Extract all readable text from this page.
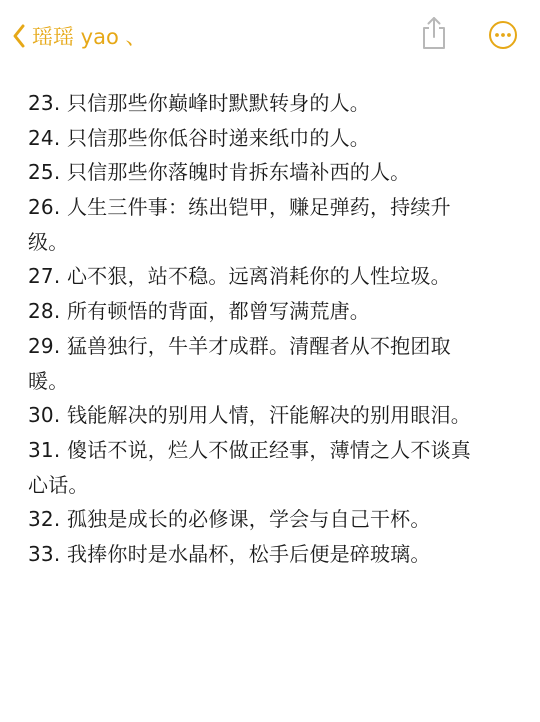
瑶瑶 yao 、
23. 只信那些你巅峰时默默转身的人。
24. 只信那些你低谷时递来纸巾的人。
25. 只信那些你落魄时肯拆东墙补西的人。
26. 人生三件事：练出铠甲，赚足弹药，持续升
级。
27. 心不狠，站不稳。远离消耗你的人性垃圾。
28. 所有顿悟的背面，都曾写满荒唐。
29. 猛兽独行，牛羊才成群。清醒者从不抱团取
暖。
30. 钱能解决的别用人情，汗能解决的别用眼泪。
31. 傻话不说，烂人不做正经事，薄情之人不谈真
心话。
32. 孤独是成长的必修课，学会与自己干杯。
33. 我捧你时是水晶杯，松手后便是碎玻璃。
